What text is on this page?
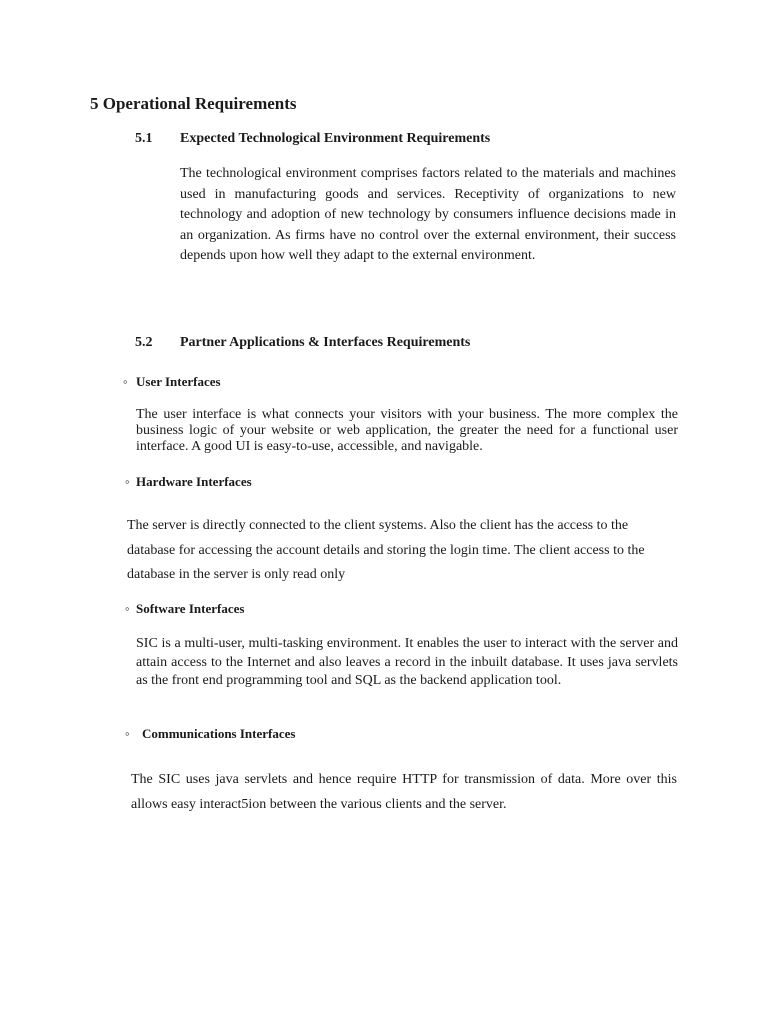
5 Operational Requirements
5.1 Expected Technological Environment Requirements
The technological environment comprises factors related to the materials and machines used in manufacturing goods and services. Receptivity of organizations to new technology and adoption of new technology by consumers influence decisions made in an organization. As firms have no control over the external environment, their success depends upon how well they adapt to the external environment.
5.2 Partner Applications & Interfaces Requirements
◦ User Interfaces
The user interface is what connects your visitors with your business. The more complex the business logic of your website or web application, the greater the need for a functional user interface. A good UI is easy-to-use, accessible, and navigable.
◦ Hardware Interfaces
The server is directly connected to the client systems. Also the client has the access to the database for accessing the account details and storing the login time. The client access to the database in the server is only read only
◦ Software Interfaces
SIC is a multi-user, multi-tasking environment. It enables the user to interact with the server and attain access to the Internet and also leaves a record in the inbuilt database. It uses java servlets as the front end programming tool and SQL as the backend application tool.
◦ Communications Interfaces
The SIC uses java servlets and hence require HTTP for transmission of data. More over this allows easy interact5ion between the various clients and the server.
